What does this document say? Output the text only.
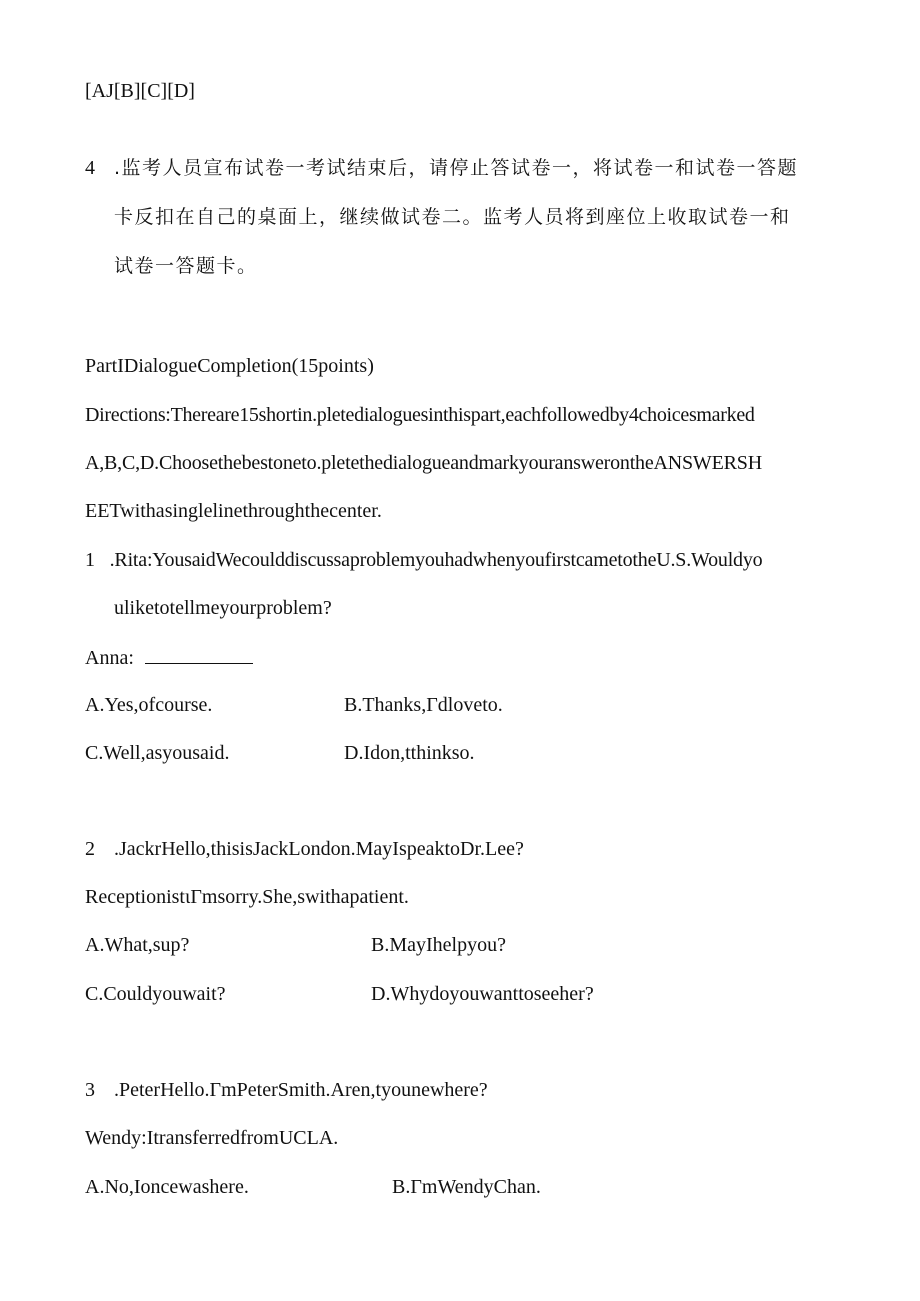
[AJ[B][C][D]
4 .监考人员宣布试卷一考试结束后，请停止答试卷一，将试卷一和试卷一答题
卡反扣在自己的桌面上，继续做试卷二。监考人员将到座位上收取试卷一和
试卷一答题卡。
PartIDialogueCompletion(15points)
Directions:Thereare15shortin.pletedialoguesinthispart,eachfollowedby4choicesmarked
A,B,C,D.Choosethebestoneto.pletethedialogueandmarkyouranswerontheANSWERSH
EETwithasinglelinethroughthecenter.
1 .Rita:YousaidWecoulddiscussaproblemyouhadwhenyoufirstcametotheU.S.Wouldyo
uliketotellmeyourproblem?
Anna:
A.Yes,ofcourse.	B.Thanks,Γdloveto.
C.Well,asyousaid.	D.Idon,tthinkso.
2 .JackrHello,thisisJackLondon.MayIspeaktoDr.Lee?
ReceptionistιΓmsorry.She,swithapatient.
A.What,sup?	B.MayIhelpyou?
C.Couldyouwait?	D.Whydoyouwanttoseeher?
3 .PeterHello.ΓmPeterSmith.Aren,tyounewhere?
Wendy:ItransferredfromUCLA.
A.No,Ioncewashere.	B.ΓmWendyChan.
